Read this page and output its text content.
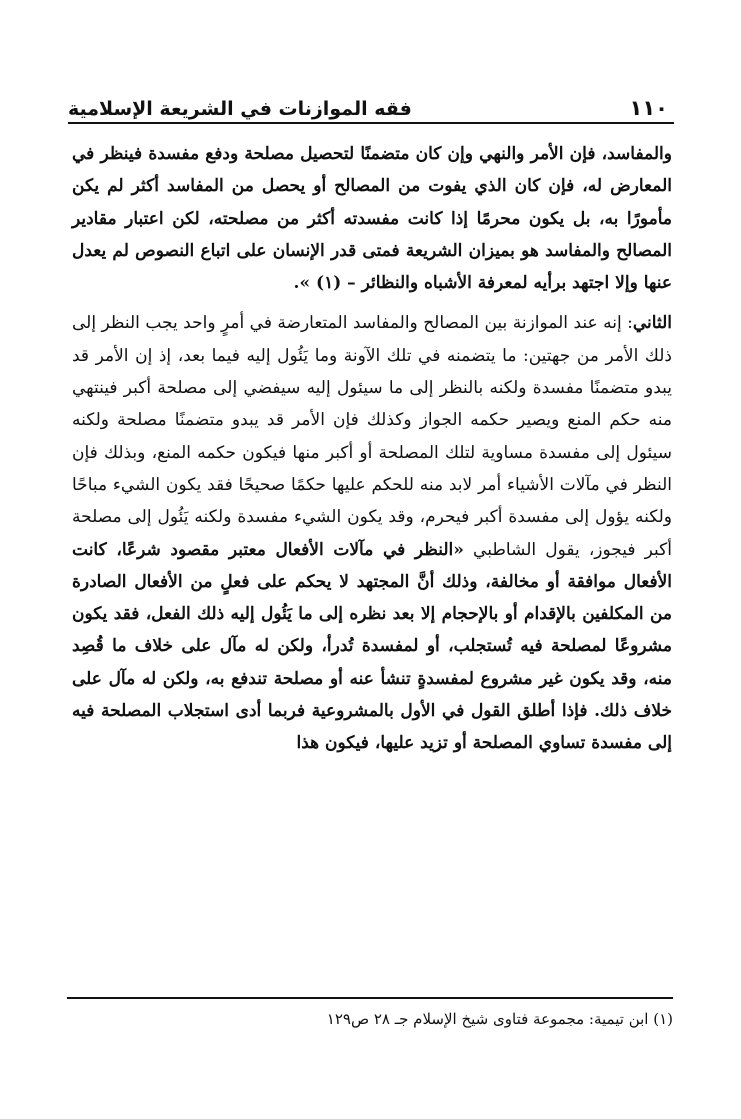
فقه الموازنات في الشريعة الإسلامية	١١٠

والمفاسد، فإن الأمر والنهي وإن كان متضمنًا لتحصيل مصلحة ودفع مفسدة فينظر في المعارض له، فإن كان الذي يفوت من المصالح أو يحصل من المفاسد أكثر لم يكن مأمورًا به، بل يكون محرمًا إذا كانت مفسدته أكثر من مصلحته، لكن اعتبار مقادير المصالح والمفاسد هو بميزان الشريعة فمتى قدر الإنسان على اتباع النصوص لم يعدل عنها وإلا اجتهد برأيه لمعرفة الأشباه والنظائر – (١) ».

الثاني: إنه عند الموازنة بين المصالح والمفاسد المتعارضة في أمرٍ واحد يجب النظر إلى ذلك الأمر من جهتين: ما يتضمنه في تلك الآونة وما يَئُول إليه فيما بعد، إذ إن الأمر قد يبدو متضمنًا مفسدة ولكنه بالنظر إلى ما سيئول إليه سيفضي إلى مصلحة أكبر فينتهي منه حكم المنع ويصير حكمه الجواز وكذلك فإن الأمر قد يبدو متضمنًا مصلحة ولكنه سيئول إلى مفسدة مساوية لتلك المصلحة أو أكبر منها فيكون حكمه المنع، وبذلك فإن النظر في مآلات الأشياء أمر لابد منه للحكم عليها حكمًا صحيحًا فقد يكون الشيء مباحًا ولكنه يؤول إلى مفسدة أكبر فيحرم، وقد يكون الشيء مفسدة ولكنه يَئُول إلى مصلحة أكبر فيجوز، يقول الشاطبي «النظر في مآلات الأفعال معتبر مقصود شرعًا، كانت الأفعال موافقة أو مخالفة، وذلك أنَّ المجتهد لا يحكم على فعلٍ من الأفعال الصادرة من المكلفين بالإقدام أو بالإحجام إلا بعد نظره إلى ما يَئُول إليه ذلك الفعل، فقد يكون مشروعًا لمصلحة فيه تُستجلب، أو لمفسدة تُدرأ، ولكن له مآل على خلاف ما قُصِد منه، وقد يكون غير مشروع لمفسدةٍ تنشأ عنه أو مصلحة تندفع به، ولكن له مآل على خلاف ذلك. فإذا أطلق القول في الأول بالمشروعية فربما أدى استجلاب المصلحة فيه إلى مفسدة تساوي المصلحة أو تزيد عليها، فيكون هذا

(١) ابن تيمية: مجموعة فتاوى شيخ الإسلام جـ ٢٨ ص١٢٩
